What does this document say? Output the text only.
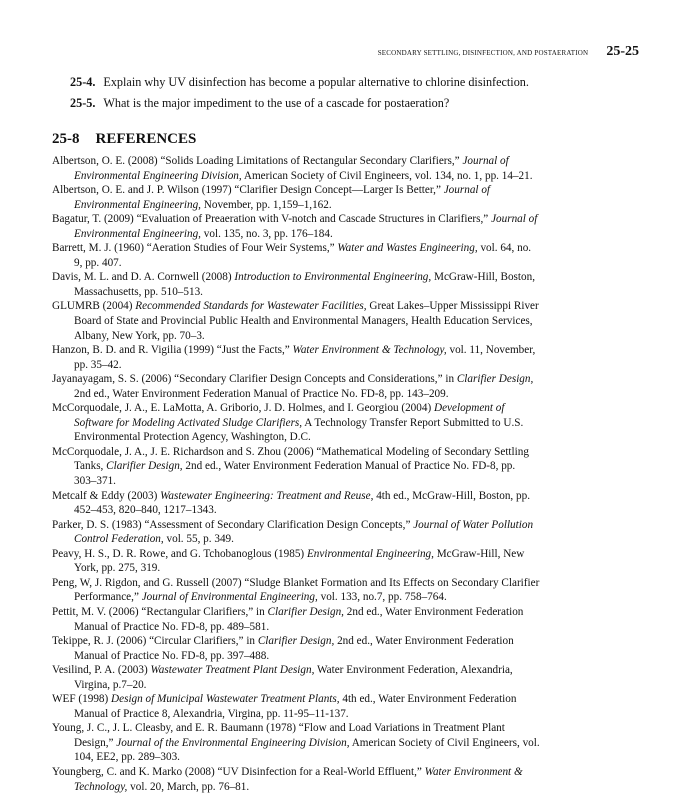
SECONDARY SETTLING, DISINFECTION, AND POSTAERATION 25-25
25-4. Explain why UV disinfection has become a popular alternative to chlorine disinfection.
25-5. What is the major impediment to the use of a cascade for postaeration?
25-8 REFERENCES

Albertson, O. E. (2008) “Solids Loading Limitations of Rectangular Secondary Clarifiers,” Journal of Environmental Engineering Division, American Society of Civil Engineers, vol. 134, no. 1, pp. 14–21.

Albertson, O. E. and J. P. Wilson (1997) “Clarifier Design Concept—Larger Is Better,” Journal of Environmental Engineering, November, pp. 1,159–1,162.

Bagatur, T. (2009) “Evaluation of Preaeration with V-notch and Cascade Structures in Clarifiers,” Journal of Environmental Engineering, vol. 135, no. 3, pp. 176–184.

Barrett, M. J. (1960) “Aeration Studies of Four Weir Systems,” Water and Wastes Engineering, vol. 64, no. 9, pp. 407.

Davis, M. L. and D. A. Cornwell (2008) Introduction to Environmental Engineering, McGraw-Hill, Boston, Massachusetts, pp. 510–513.

GLUMRB (2004) Recommended Standards for Wastewater Facilities, Great Lakes–Upper Mississippi River Board of State and Provincial Public Health and Environmental Managers, Health Education Services, Albany, New York, pp. 70–3.

Hanzon, B. D. and R. Vigilia (1999) “Just the Facts,” Water Environment & Technology, vol. 11, November, pp. 35–42.

Jayanayagam, S. S. (2006) “Secondary Clarifier Design Concepts and Considerations,” in Clarifier Design, 2nd ed., Water Environment Federation Manual of Practice No. FD-8, pp. 143–209.

McCorquodale, J. A., E. LaMotta, A. Griborio, J. D. Holmes, and I. Georgiou (2004) Development of Software for Modeling Activated Sludge Clarifiers, A Technology Transfer Report Submitted to U.S. Environmental Protection Agency, Washington, D.C.

McCorquodale, J. A., J. E. Richardson and S. Zhou (2006) “Mathematical Modeling of Secondary Settling Tanks, Clarifier Design, 2nd ed., Water Environment Federation Manual of Practice No. FD-8, pp. 303–371.

Metcalf & Eddy (2003) Wastewater Engineering: Treatment and Reuse, 4th ed., McGraw-Hill, Boston, pp. 452–453, 820–840, 1217–1343.

Parker, D. S. (1983) “Assessment of Secondary Clarification Design Concepts,” Journal of Water Pollution Control Federation, vol. 55, p. 349.

Peavy, H. S., D. R. Rowe, and G. Tchobanoglous (1985) Environmental Engineering, McGraw-Hill, New York, pp. 275, 319.

Peng, W, J. Rigdon, and G. Russell (2007) “Sludge Blanket Formation and Its Effects on Secondary Clarifier Performance,” Journal of Environmental Engineering, vol. 133, no.7, pp. 758–764.

Pettit, M. V. (2006) “Rectangular Clarifiers,” in Clarifier Design, 2nd ed., Water Environment Federation Manual of Practice No. FD-8, pp. 489–581.

Tekippe, R. J. (2006) “Circular Clarifiers,” in Clarifier Design, 2nd ed., Water Environment Federation Manual of Practice No. FD-8, pp. 397–488.

Vesilind, P. A. (2003) Wastewater Treatment Plant Design, Water Environment Federation, Alexandria, Virgina, p.7–20.

WEF (1998) Design of Municipal Wastewater Treatment Plants, 4th ed., Water Environment Federation Manual of Practice 8, Alexandria, Virgina, pp. 11-95–11-137.

Young, J. C., J. L. Cleasby, and E. R. Baumann (1978) “Flow and Load Variations in Treatment Plant Design,” Journal of the Environmental Engineering Division, American Society of Civil Engineers, vol. 104, EE2, pp. 289–303.

Youngberg, C. and K. Marko (2008) “UV Disinfection for a Real-World Effluent,” Water Environment & Technology, vol. 20, March, pp. 76–81.
